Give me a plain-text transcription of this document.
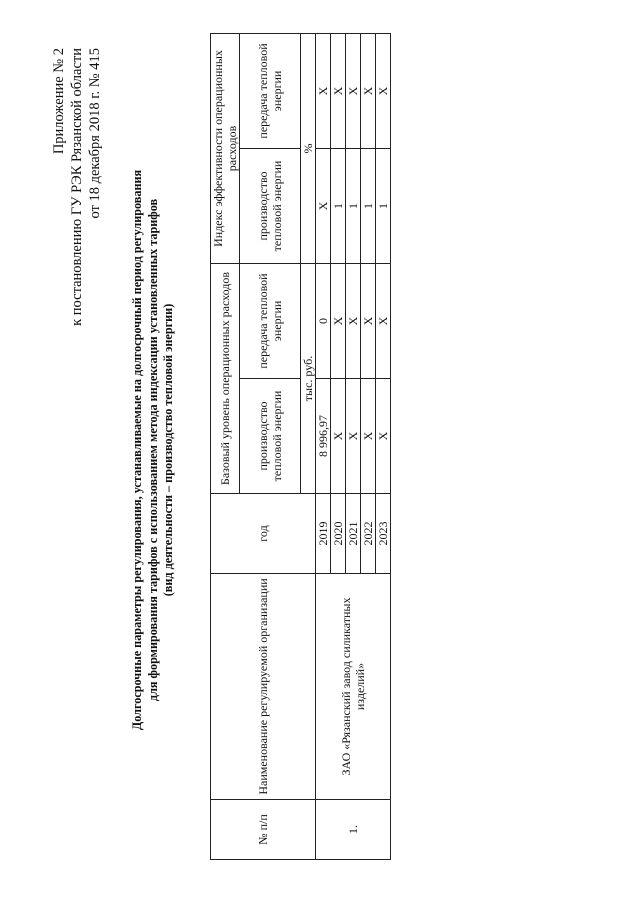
Приложение № 2 к постановлению ГУ РЭК Рязанской области от 18 декабря 2018 г. № 415
Долгосрочные параметры регулирования, устанавливаемые на долгосрочный период регулирования для формирования тарифов с использованием метода индексации установленных тарифов (вид деятельности – производство тепловой энергии)
№ п/п	Наименование регулируемой организации	год	Базовый уровень операционных расходов		Индекс эффективности операционных расходов	
			производство тепловой энергии	передача тепловой энергии	производство тепловой энергии	передача тепловой энергии
			тыс. руб.		%	
1.	ЗАО «Рязанский завод силикатных изделий»	2019	8 996,97	0	X	X
		2020	X	X	1	X
		2021	X	X	1	X
		2022	X	X	1	X
		2023	X	X	1	X
